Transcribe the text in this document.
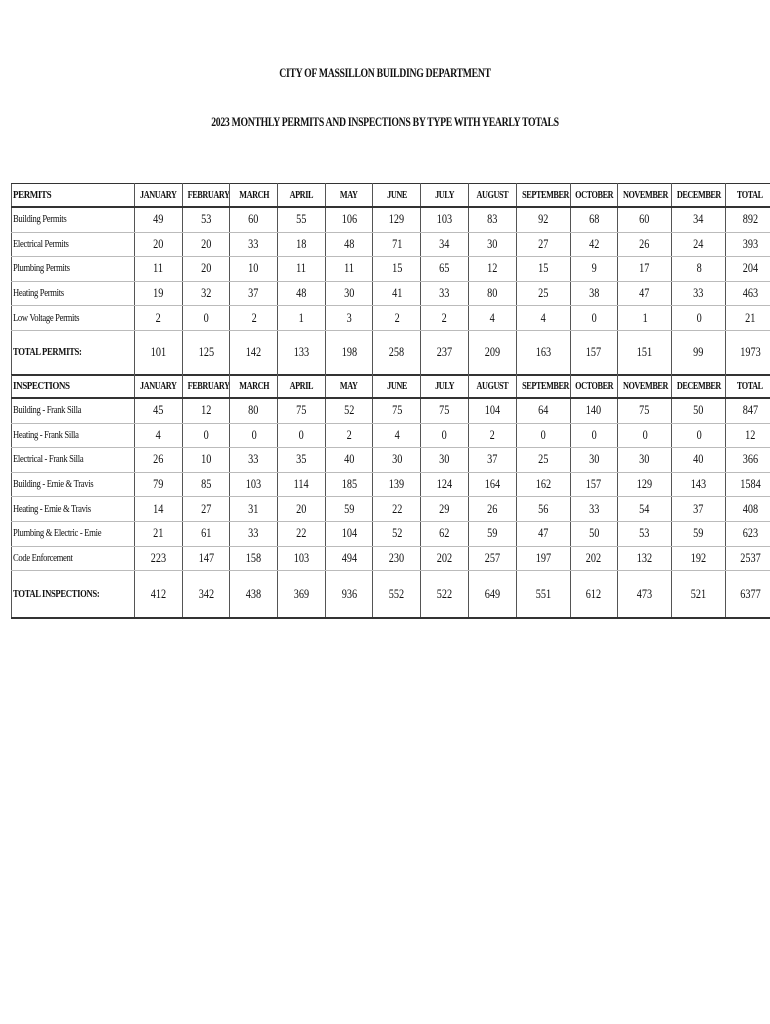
CITY OF MASSILLON BUILDING DEPARTMENT
2023 MONTHLY PERMITS AND INSPECTIONS BY TYPE WITH YEARLY TOTALS
PERMITS	JANUARY	FEBRUARY	MARCH	APRIL	MAY	JUNE	JULY	AUGUST	SEPTEMBER	OCTOBER	NOVEMBER	DECEMBER	TOTAL
Building Permits	49	53	60	55	106	129	103	83	92	68	60	34	892
Electrical Permits	20	20	33	18	48	71	34	30	27	42	26	24	393
Plumbing Permits	11	20	10	11	11	15	65	12	15	9	17	8	204
Heating Permits	19	32	37	48	30	41	33	80	25	38	47	33	463
Low Voltage Permits	2	0	2	1	3	2	2	4	4	0	1	0	21
TOTAL PERMITS:	101	125	142	133	198	258	237	209	163	157	151	99	1973
INSPECTIONS	JANUARY	FEBRUARY	MARCH	APRIL	MAY	JUNE	JULY	AUGUST	SEPTEMBER	OCTOBER	NOVEMBER	DECEMBER	TOTAL
Building - Frank Silla	45	12	80	75	52	75	75	104	64	140	75	50	847
Heating - Frank Silla	4	0	0	0	2	4	0	2	0	0	0	0	12
Electrical - Frank Silla	26	10	33	35	40	30	30	37	25	30	30	40	366
Building - Ernie & Travis	79	85	103	114	185	139	124	164	162	157	129	143	1584
Heating - Ernie & Travis	14	27	31	20	59	22	29	26	56	33	54	37	408
Plumbing & Electric - Ernie	21	61	33	22	104	52	62	59	47	50	53	59	623
Code Enforcement	223	147	158	103	494	230	202	257	197	202	132	192	2537
TOTAL INSPECTIONS:	412	342	438	369	936	552	522	649	551	612	473	521	6377
